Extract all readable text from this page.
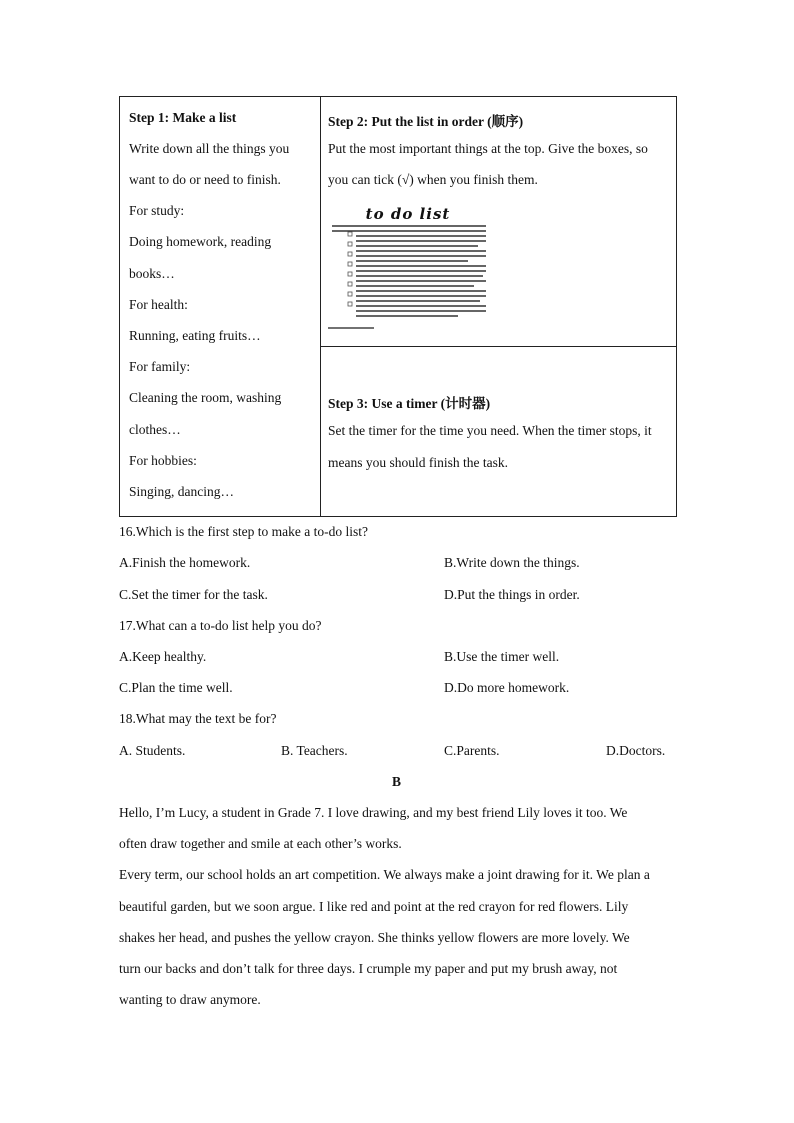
Step 1: Make a list
Write down all the things you
want to do or need to finish.
For study:
Doing homework, reading
books…
For health:
Running, eating fruits…
For family:
Cleaning the room, washing
clothes…
For hobbies:
Singing, dancing…
Step 2: Put the list in order (顺序)
Put the most important things at the top. Give the boxes, so
you can tick (√) when you finish them.
to do list
Step 3: Use a timer (计时器)
Set the timer for the time you need. When the timer stops, it
means you should finish the task.
16.Which is the first step to make a to-do list?
A.Finish the homework.	B.Write down the things.
C.Set the timer for the task.	D.Put the things in order.
17.What can a to-do list help you do?
A.Keep healthy.	B.Use the timer well.
C.Plan the time well.	D.Do more homework.
18.What may the text be for?
A. Students.	B. Teachers.	C.Parents.	D.Doctors.
B
Hello, I’m Lucy, a student in Grade 7. I love drawing, and my best friend Lily loves it too. We
often draw together and smile at each other’s works.
Every term, our school holds an art competition. We always make a joint drawing for it. We plan a
beautiful garden, but we soon argue. I like red and point at the red crayon for red flowers. Lily
shakes her head, and pushes the yellow crayon. She thinks yellow flowers are more lovely. We
turn our backs and don’t talk for three days. I crumple my paper and put my brush away, not
wanting to draw anymore.
